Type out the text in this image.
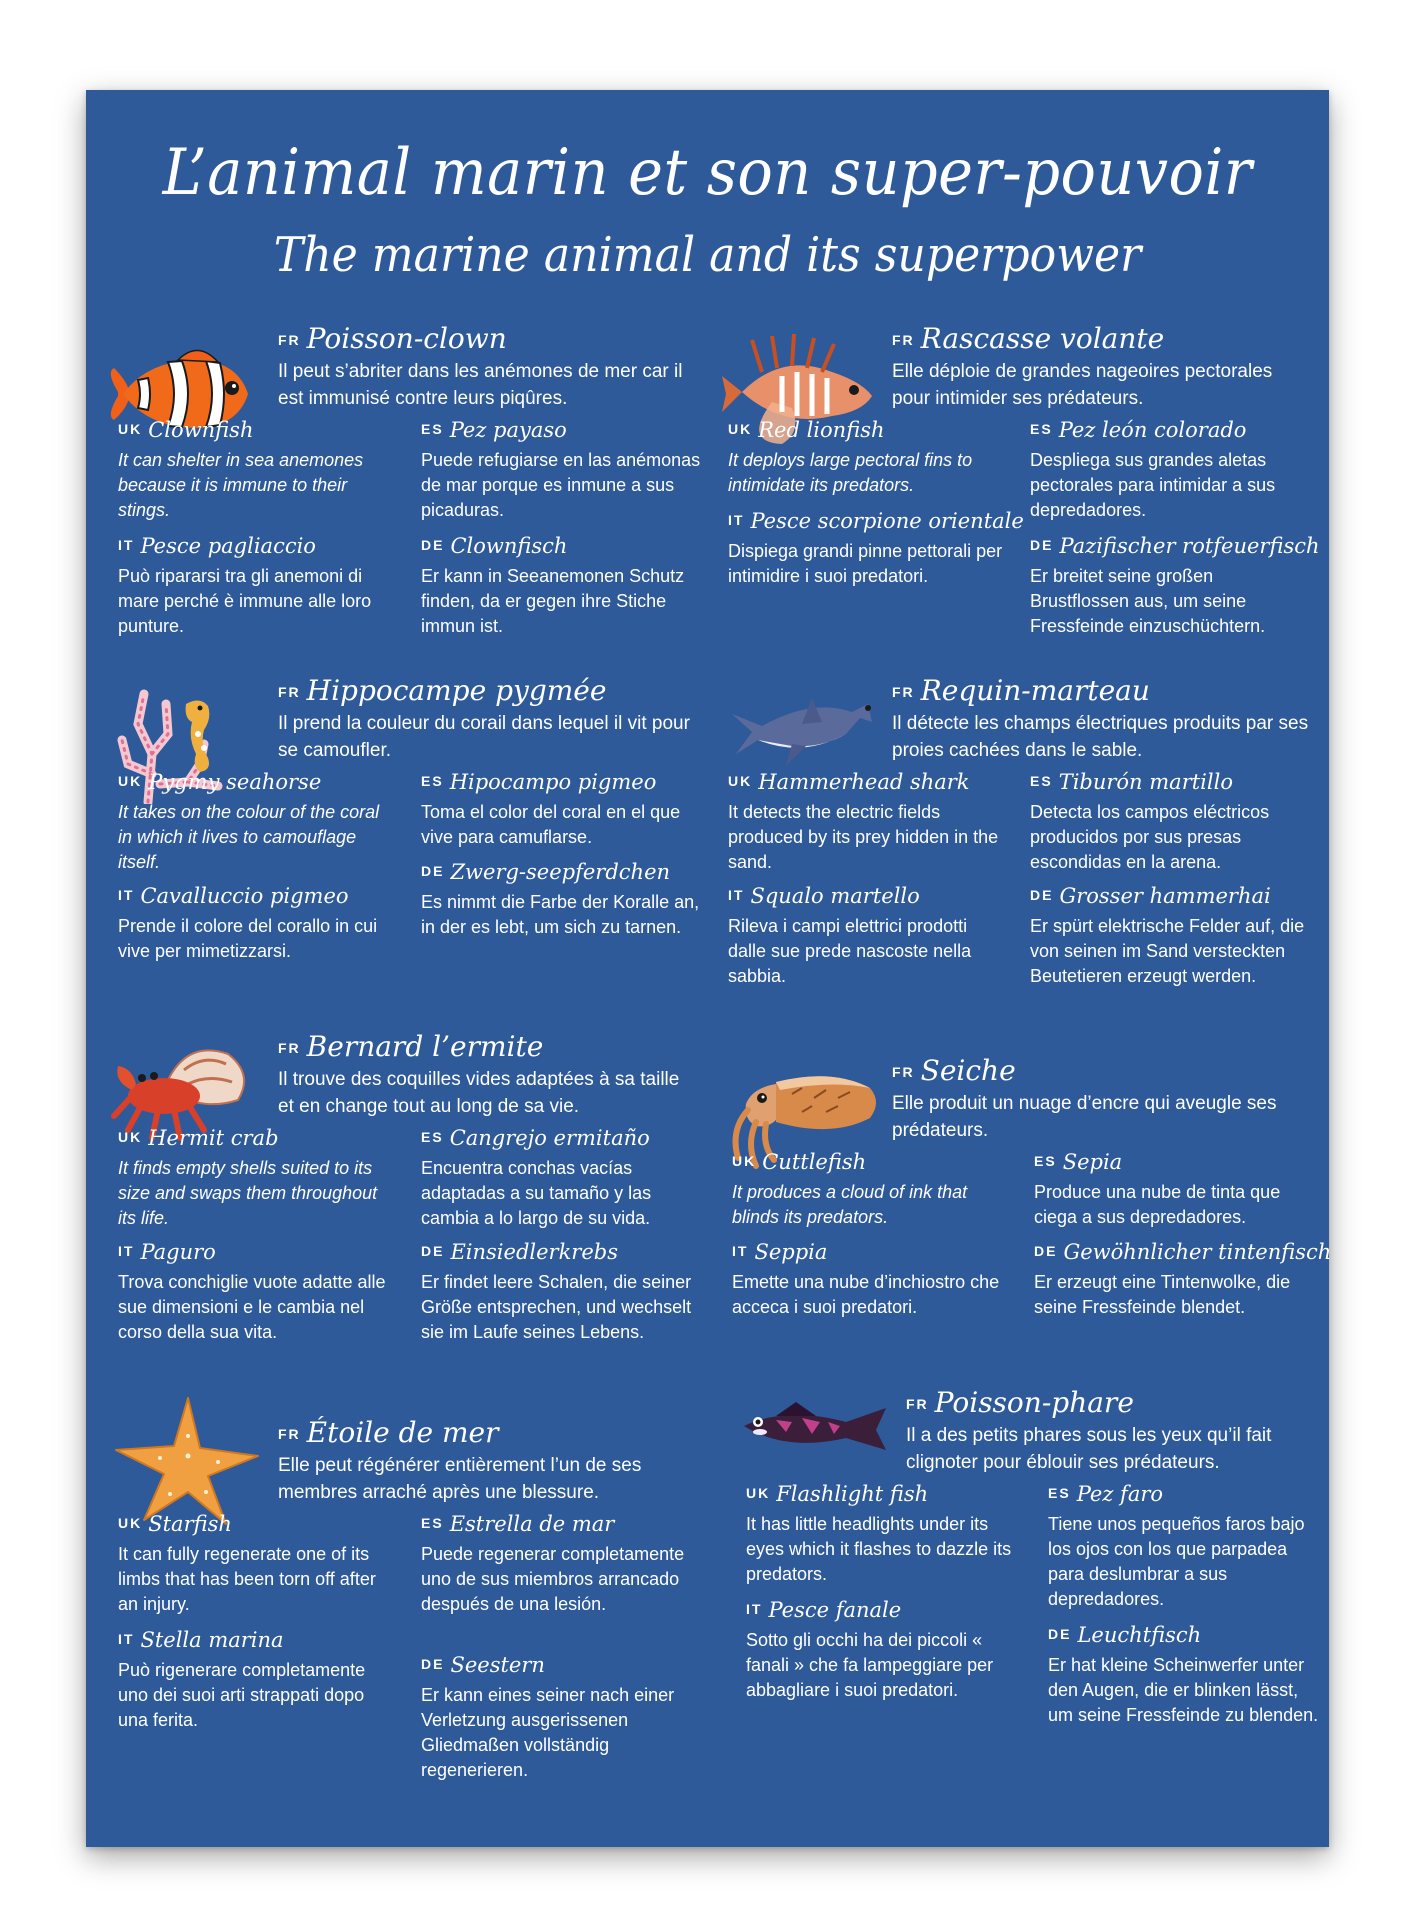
L’animal marin et son super-pouvoir
The marine animal and its superpower
FR Poisson-clown
Il peut s’abriter dans les anémones de mer car il est immunisé contre leurs piqûres.
UK Clownfish
It can shelter in sea anemones because it is immune to their stings.
ES Pez payaso
Puede refugiarse en las anémonas de mar porque es inmune a sus picaduras.
IT Pesce pagliaccio
Può ripararsi tra gli anemoni di mare perché è immune alle loro punture.
DE Clownfisch
Er kann in Seeanemonen Schutz finden, da er gegen ihre Stiche immun ist.
FR Rascasse volante
Elle déploie de grandes nageoires pectorales pour intimider ses prédateurs.
UK Red lionfish
It deploys large pectoral fins to intimidate its predators.
ES Pez león colorado
Despliega sus grandes aletas pectorales para intimidar a sus depredadores.
IT Pesce scorpione orientale
Dispiega grandi pinne pettorali per intimidire i suoi predatori.
DE Pazifischer rotfeuerfisch
Er breitet seine großen Brustflossen aus, um seine Fressfeinde einzuschüchtern.
FR Hippocampe pygmée
Il prend la couleur du corail dans lequel il vit pour se camoufler.
UK Pygmy seahorse
It takes on the colour of the coral in which it lives to camouflage itself.
ES Hipocampo pigmeo
Toma el color del coral en el que vive para camuflarse.
IT Cavalluccio pigmeo
Prende il colore del corallo in cui vive per mimetizzarsi.
DE Zwerg-seepferdchen
Es nimmt die Farbe der Koralle an, in der es lebt, um sich zu tarnen.
FR Requin-marteau
Il détecte les champs électriques produits par ses proies cachées dans le sable.
UK Hammerhead shark
It detects the electric fields produced by its prey hidden in the sand.
ES Tiburón martillo
Detecta los campos eléctricos producidos por sus presas escondidas en la arena.
IT Squalo martello
Rileva i campi elettrici prodotti dalle sue prede nascoste nella sabbia.
DE Grosser hammerhai
Er spürt elektrische Felder auf, die von seinen im Sand versteckten Beutetieren erzeugt werden.
FR Bernard l’ermite
Il trouve des coquilles vides adaptées à sa taille et en change tout au long de sa vie.
UK Hermit crab
It finds empty shells suited to its size and swaps them throughout its life.
ES Cangrejo ermitaño
Encuentra conchas vacías adaptadas a su tamaño y las cambia a lo largo de su vida.
IT Paguro
Trova conchiglie vuote adatte alle sue dimensioni e le cambia nel corso della sua vita.
DE Einsiedlerkrebs
Er findet leere Schalen, die seiner Größe entsprechen, und wechselt sie im Laufe seines Lebens.
FR Seiche
Elle produit un nuage d’encre qui aveugle ses prédateurs.
UK Cuttlefish
It produces a cloud of ink that blinds its predators.
ES Sepia
Produce una nube de tinta que ciega a sus depredadores.
IT Seppia
Emette una nube d’inchiostro che acceca i suoi predatori.
DE Gewöhnlicher tintenfisch
Er erzeugt eine Tintenwolke, die seine Fressfeinde blendet.
FR Étoile de mer
Elle peut régénérer entièrement l’un de ses membres arraché après une blessure.
UK Starfish
It can fully regenerate one of its limbs that has been torn off after an injury.
ES Estrella de mar
Puede regenerar completamente uno de sus miembros arrancado después de una lesión.
IT Stella marina
Può rigenerare completamente uno dei suoi arti strappati dopo una ferita.
DE Seestern
Er kann eines seiner nach einer Verletzung ausgerissenen Gliedmaßen vollständig regenerieren.
FR Poisson-phare
Il a des petits phares sous les yeux qu’il fait clignoter pour éblouir ses prédateurs.
UK Flashlight fish
It has little headlights under its eyes which it flashes to dazzle its predators.
ES Pez faro
Tiene unos pequeños faros bajo los ojos con los que parpadea para deslumbrar a sus depredadores.
IT Pesce fanale
Sotto gli occhi ha dei piccoli « fanali » che fa lampeggiare per abbagliare i suoi predatori.
DE Leuchtfisch
Er hat kleine Scheinwerfer unter den Augen, die er blinken lässt, um seine Fressfeinde zu blenden.
